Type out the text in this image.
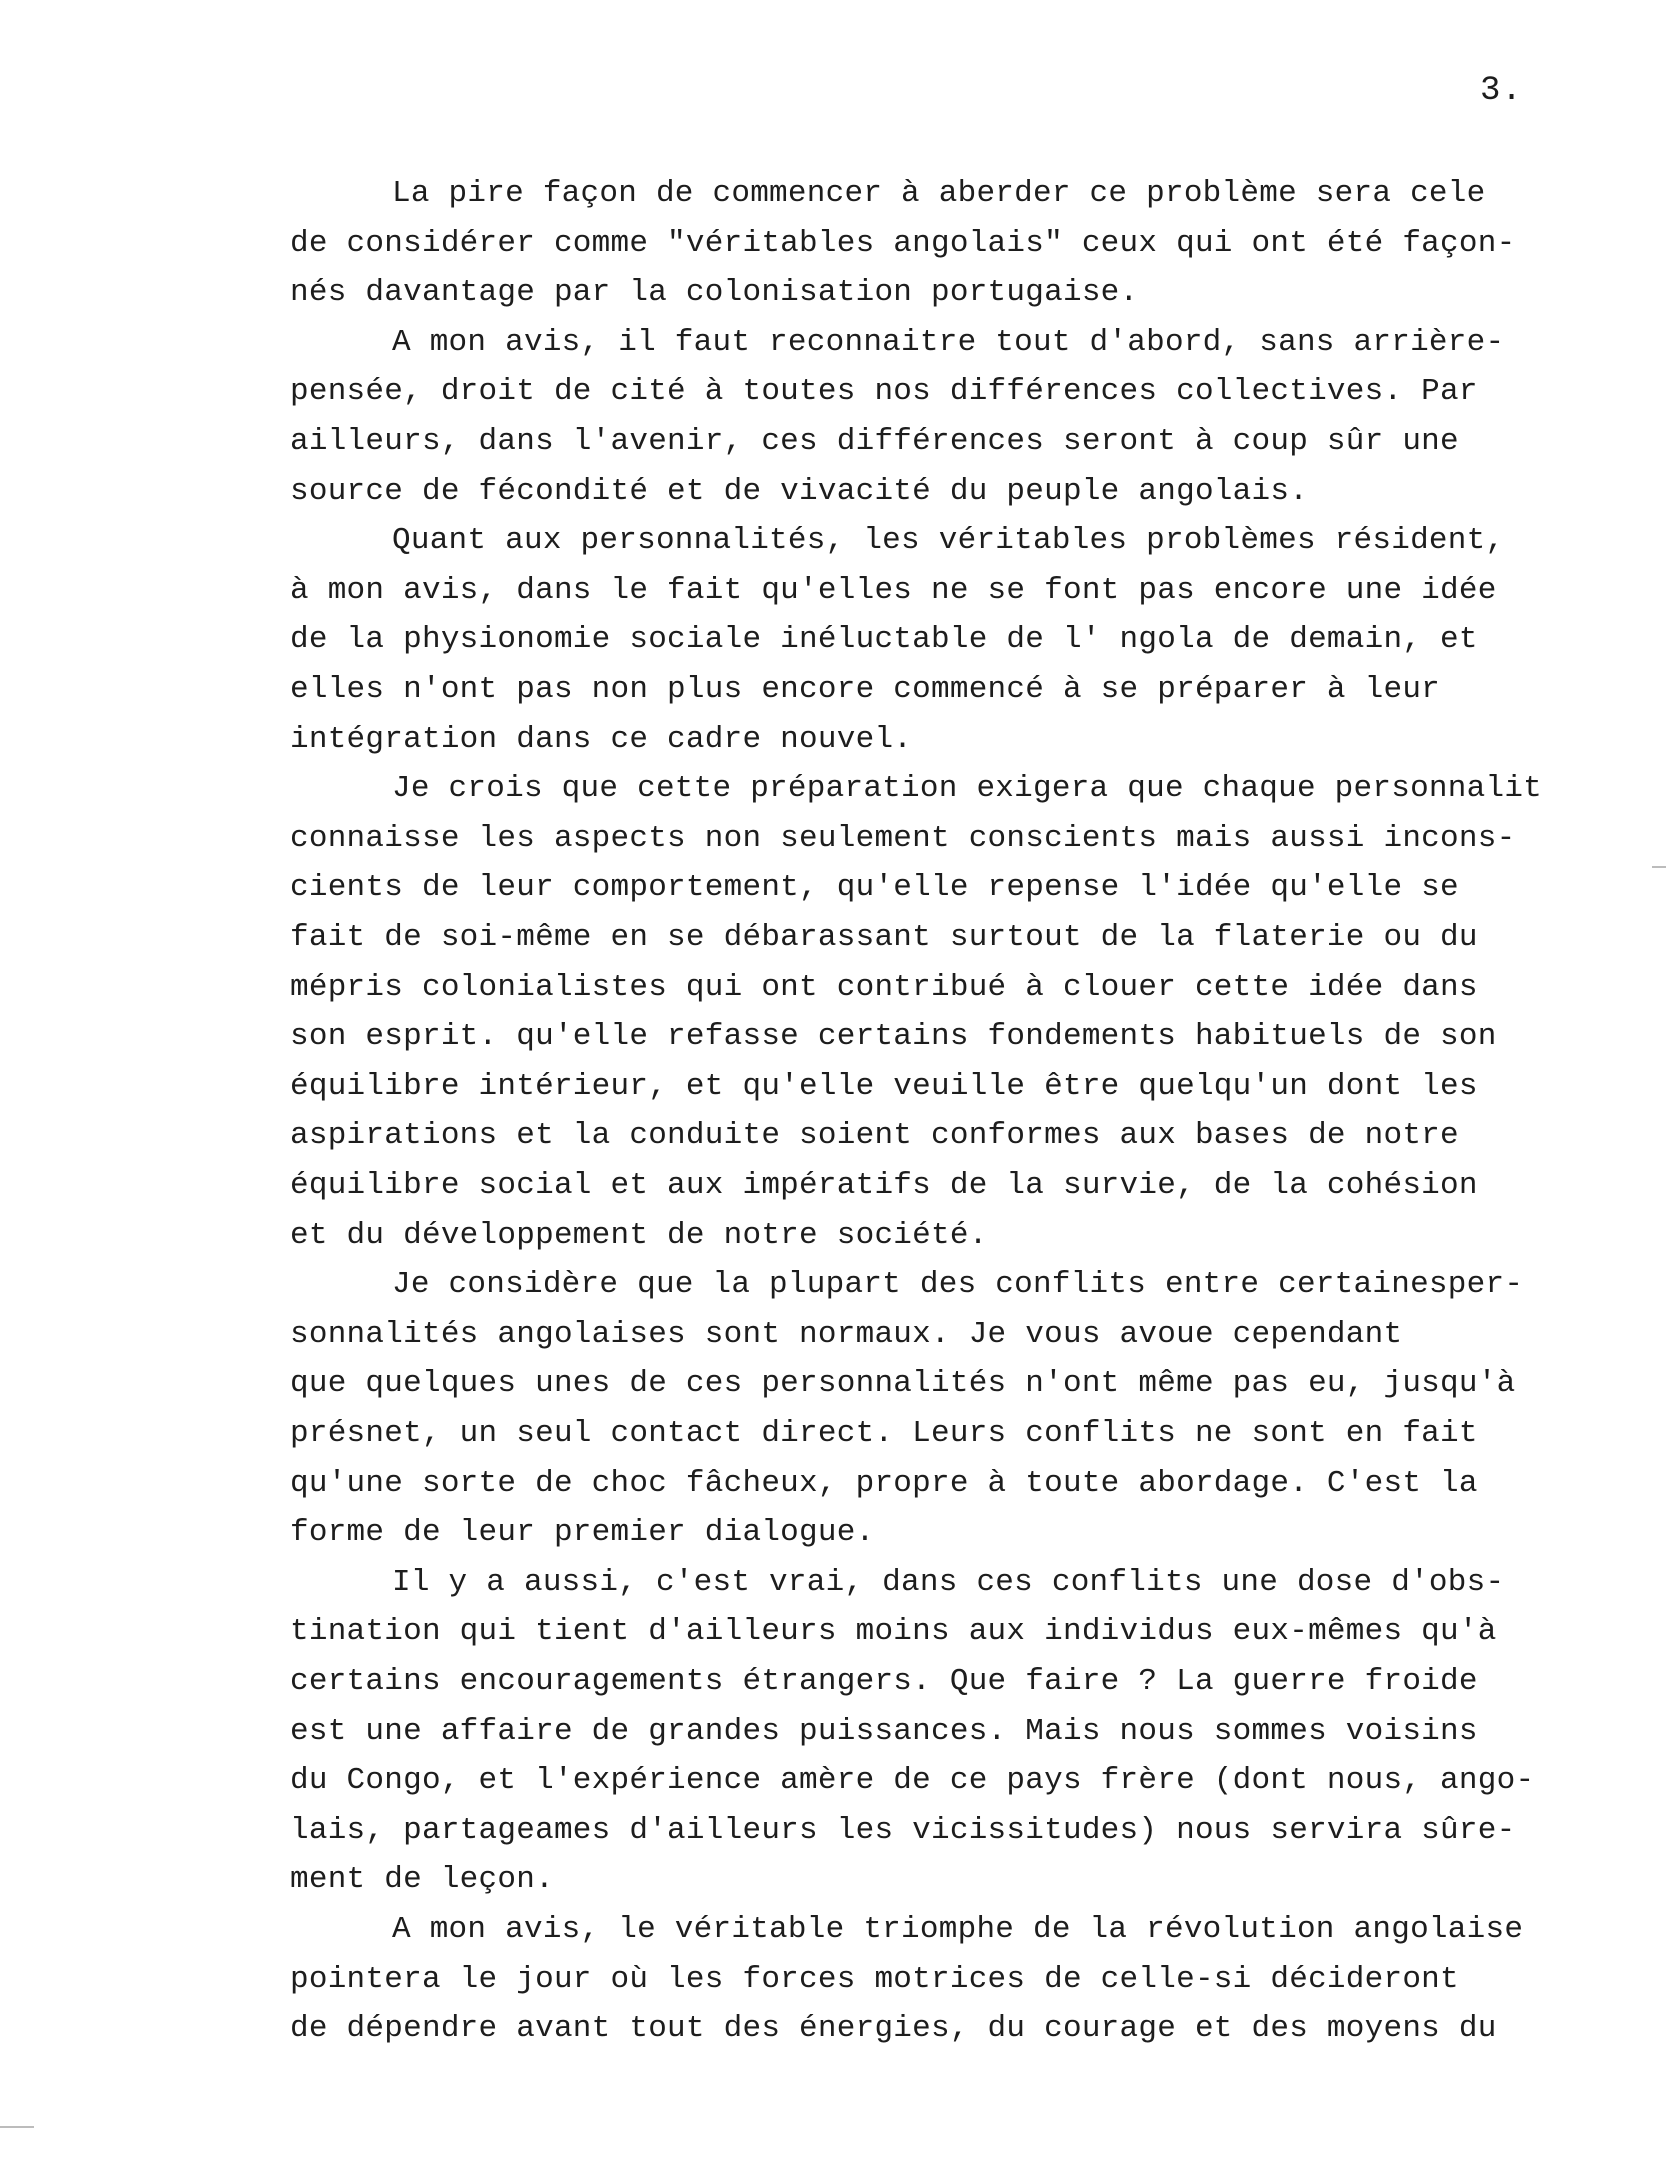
3.
La pire façon de commencer à aberder ce problème sera cele
de considérer comme "véritables angolais" ceux qui ont été façon-
nés davantage par la colonisation portugaise.
A mon avis, il faut reconnaitre tout d'abord, sans arrière-
pensée, droit de cité à toutes nos différences collectives. Par
ailleurs, dans l'avenir, ces différences seront à coup sûr une
source de fécondité et de vivacité du peuple angolais.
Quant aux personnalités, les véritables problèmes résident,
à mon avis, dans le fait qu'elles ne se font pas encore une idée
de la physionomie sociale inéluctable de l' ngola de demain, et
elles n'ont pas non plus encore commencé à se préparer à leur
intégration dans ce cadre nouvel.
Je crois que cette préparation exigera que chaque personnalit
connaisse les aspects non seulement conscients mais aussi incons-
cients de leur comportement, qu'elle repense l'idée qu'elle se
fait de soi-même en se débarassant surtout de la flaterie ou du
mépris colonialistes qui ont contribué à clouer cette idée dans
son esprit. qu'elle refasse certains fondements habituels de son
équilibre intérieur, et qu'elle veuille être quelqu'un dont les
aspirations et la conduite soient conformes aux bases de notre
équilibre social et aux impératifs de la survie, de la cohésion
et du développement de notre société.
Je considère que la plupart des conflits entre certainesper-
sonnalités angolaises sont normaux. Je vous avoue cependant
que quelques unes de ces personnalités n'ont même pas eu, jusqu'à
présnet, un seul contact direct. Leurs conflits ne sont en fait
qu'une sorte de choc fâcheux, propre à toute abordage. C'est la
forme de leur premier dialogue.
Il y a aussi, c'est vrai, dans ces conflits une dose d'obs-
tination qui tient d'ailleurs moins aux individus eux-mêmes qu'à
certains encouragements étrangers. Que faire ? La guerre froide
est une affaire de grandes puissances. Mais nous sommes voisins
du Congo, et l'expérience amère de ce pays frère (dont nous, ango-
lais, partageames d'ailleurs les vicissitudes) nous servira sûre-
ment de leçon.
A mon avis, le véritable triomphe de la révolution angolaise
pointera le jour où les forces motrices de celle-si décideront
de dépendre avant tout des énergies, du courage et des moyens du
